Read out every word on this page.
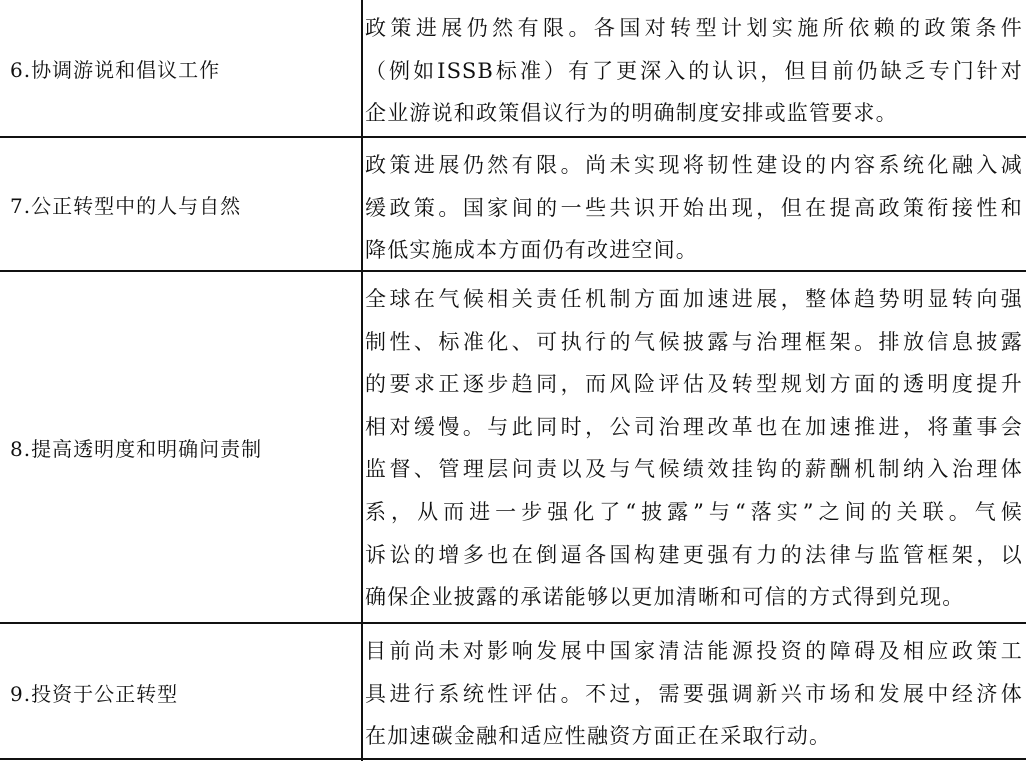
6.协调游说和倡议工作
政策进展仍然有限。各国对转型计划实施所依赖的政策条件
（例如ISSB标准）有了更深入的认识，但目前仍缺乏专门针对
企业游说和政策倡议行为的明确制度安排或监管要求。
7.公正转型中的人与自然
政策进展仍然有限。尚未实现将韧性建设的内容系统化融入减
缓政策。国家间的一些共识开始出现，但在提高政策衔接性和
降低实施成本方面仍有改进空间。
8.提高透明度和明确问责制
全球在气候相关责任机制方面加速进展，整体趋势明显转向强
制性、标准化、可执行的气候披露与治理框架。排放信息披露
的要求正逐步趋同，而风险评估及转型规划方面的透明度提升
相对缓慢。与此同时，公司治理改革也在加速推进，将董事会
监督、管理层问责以及与气候绩效挂钩的薪酬机制纳入治理体
系，从而进一步强化了“披露”与“落实”之间的关联。气候
诉讼的增多也在倒逼各国构建更强有力的法律与监管框架，以
确保企业披露的承诺能够以更加清晰和可信的方式得到兑现。
9.投资于公正转型
目前尚未对影响发展中国家清洁能源投资的障碍及相应政策工
具进行系统性评估。不过，需要强调新兴市场和发展中经济体
在加速碳金融和适应性融资方面正在采取行动。
